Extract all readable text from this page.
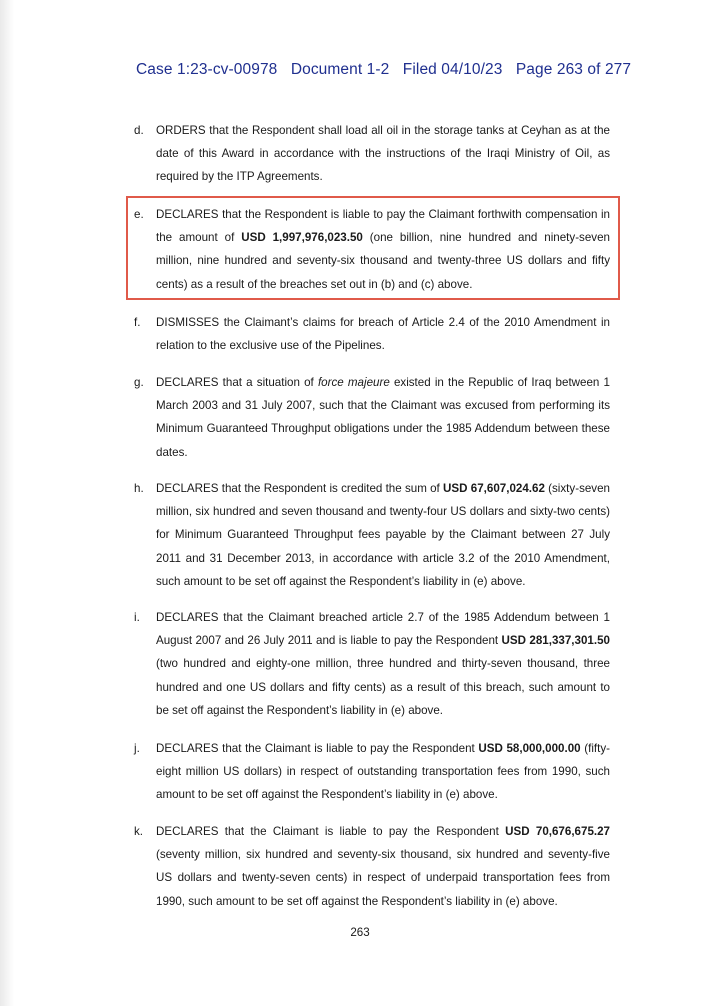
Case 1:23-cv-00978 Document 1-2 Filed 04/10/23 Page 263 of 277
d. ORDERS that the Respondent shall load all oil in the storage tanks at Ceyhan as at the date of this Award in accordance with the instructions of the Iraqi Ministry of Oil, as required by the ITP Agreements.
e. DECLARES that the Respondent is liable to pay the Claimant forthwith compensation in the amount of USD 1,997,976,023.50 (one billion, nine hundred and ninety-seven million, nine hundred and seventy-six thousand and twenty-three US dollars and fifty cents) as a result of the breaches set out in (b) and (c) above.
f. DISMISSES the Claimant’s claims for breach of Article 2.4 of the 2010 Amendment in relation to the exclusive use of the Pipelines.
g. DECLARES that a situation of force majeure existed in the Republic of Iraq between 1 March 2003 and 31 July 2007, such that the Claimant was excused from performing its Minimum Guaranteed Throughput obligations under the 1985 Addendum between these dates.
h. DECLARES that the Respondent is credited the sum of USD 67,607,024.62 (sixty-seven million, six hundred and seven thousand and twenty-four US dollars and sixty-two cents) for Minimum Guaranteed Throughput fees payable by the Claimant between 27 July 2011 and 31 December 2013, in accordance with article 3.2 of the 2010 Amendment, such amount to be set off against the Respondent’s liability in (e) above.
i. DECLARES that the Claimant breached article 2.7 of the 1985 Addendum between 1 August 2007 and 26 July 2011 and is liable to pay the Respondent USD 281,337,301.50 (two hundred and eighty-one million, three hundred and thirty-seven thousand, three hundred and one US dollars and fifty cents) as a result of this breach, such amount to be set off against the Respondent’s liability in (e) above.
j. DECLARES that the Claimant is liable to pay the Respondent USD 58,000,000.00 (fifty-eight million US dollars) in respect of outstanding transportation fees from 1990, such amount to be set off against the Respondent’s liability in (e) above.
k. DECLARES that the Claimant is liable to pay the Respondent USD 70,676,675.27 (seventy million, six hundred and seventy-six thousand, six hundred and seventy-five US dollars and twenty-seven cents) in respect of underpaid transportation fees from 1990, such amount to be set off against the Respondent’s liability in (e) above.
263
